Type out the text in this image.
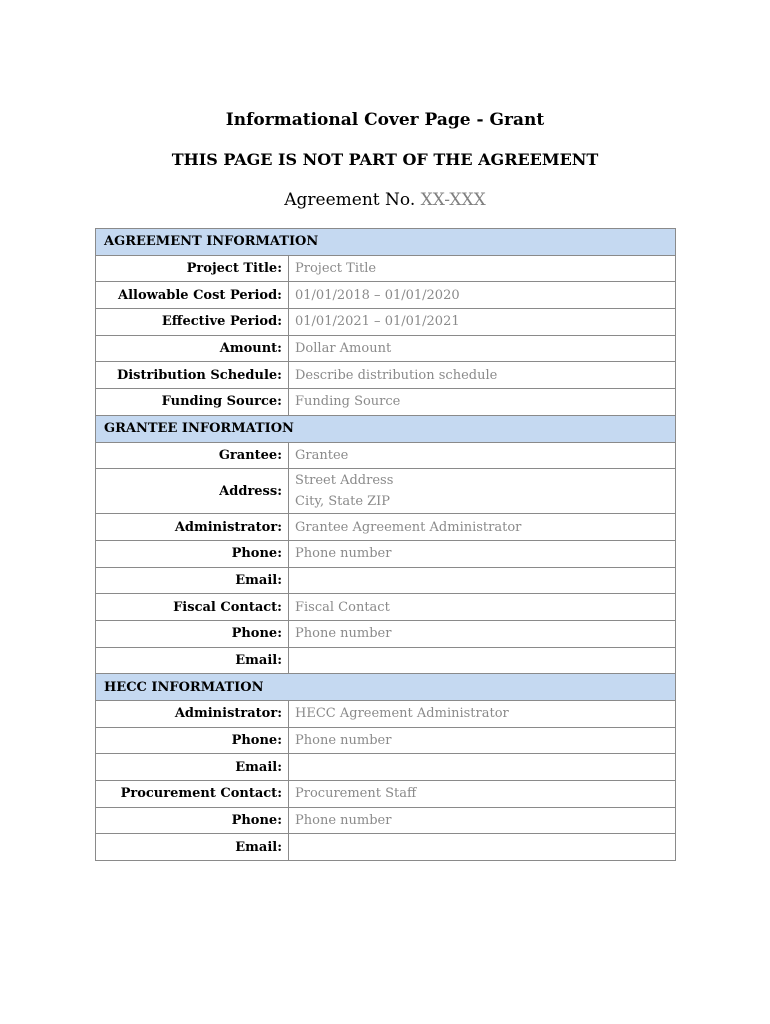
Informational Cover Page - Grant
THIS PAGE IS NOT PART OF THE AGREEMENT
Agreement No. XX-XXX
AGREEMENT INFORMATION	
Project Title:	Project Title
Allowable Cost Period:	01/01/2018 – 01/01/2020
Effective Period:	01/01/2021 – 01/01/2021
Amount:	Dollar Amount
Distribution Schedule:	Describe distribution schedule
Funding Source:	Funding Source
GRANTEE INFORMATION	
Grantee:	Grantee
Address:	Street Address
City, State ZIP

Administrator:	Grantee Agreement Administrator
Phone:	Phone number
Email:	
Fiscal Contact:	Fiscal Contact
Phone:	Phone number
Email:	
HECC INFORMATION	
Administrator:	HECC Agreement Administrator
Phone:	Phone number
Email:	
Procurement Contact:	Procurement Staff
Phone:	Phone number
Email:	
